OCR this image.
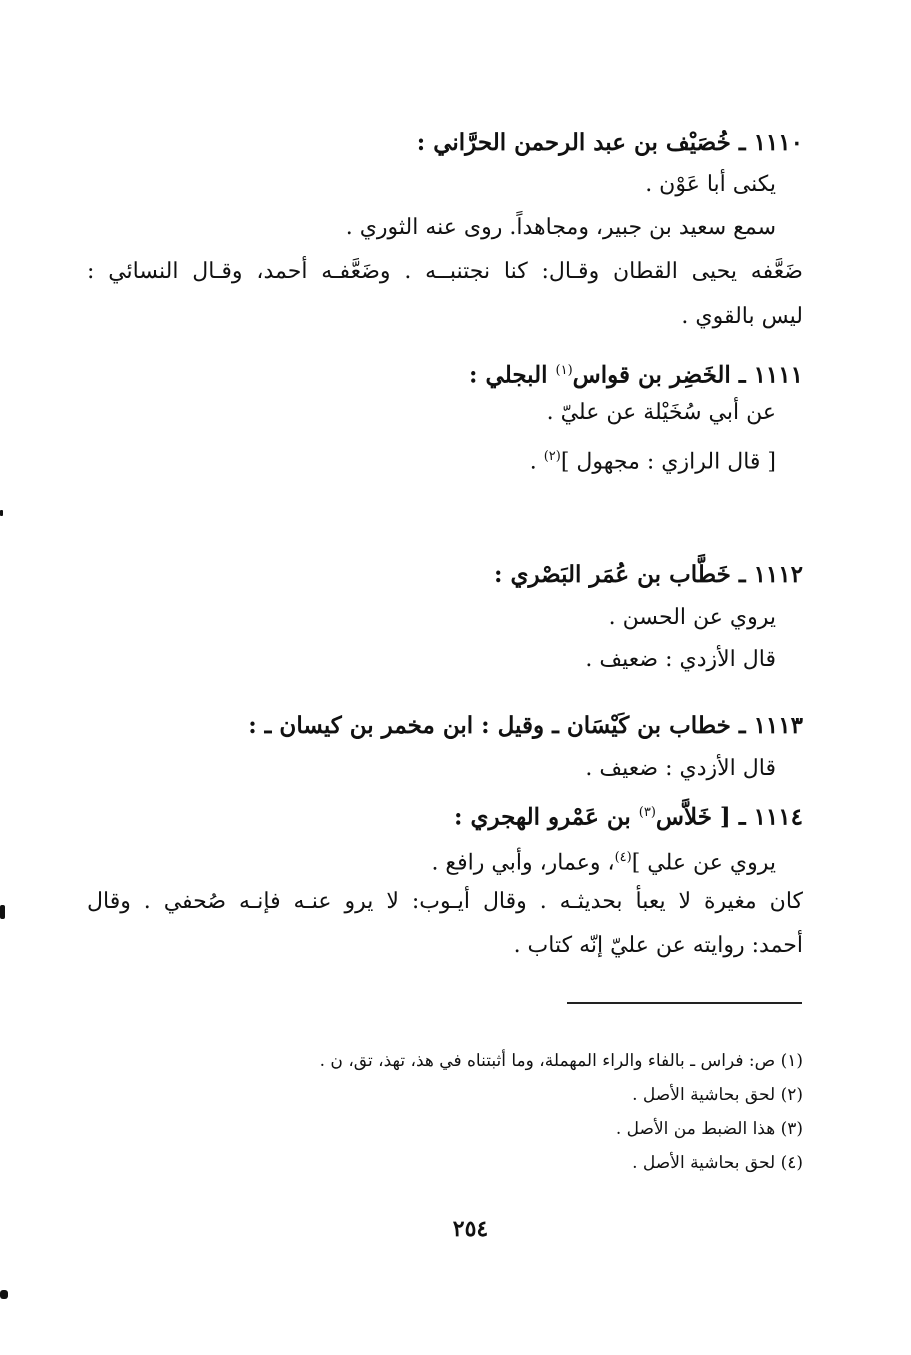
١١١٠ ـ خُصَيْف بن عبد الرحمن الحرَّاني :
يكنى أبا عَوْن .
سمع سعيد بن جبير، ومجاهداً. روى عنه الثوري .
ضَعَّفه يحيى القطان وقـال: كنا نجتنبــه . وضَعَّفـه أحمد، وقـال النسائي :
ليس بالقوي .
١١١١ ـ الخَضِر بن قواس$^{(١)}$ البجلي :
عن أبي سُخَيْلة عن عليّ .
[ قال الرازي : مجهول ]$^{(٢)}$ .
١١١٢ ـ خَطَّاب بن عُمَر البَصْري :
يروي عن الحسن .
قال الأزدي : ضعيف .
١١١٣ ـ خطاب بن كَيْسَان ـ وقيل : ابن مخمر بن كيسان ـ :
قال الأزدي : ضعيف .
١١١٤ ـ [ خَلاَّس$^{(٣)}$ بن عَمْرو الهجري :
يروي عن علي ]$^{(٤)}$، وعمار، وأبي رافع .
كان مغيرة لا يعبأ بحديثـه . وقال أيـوب: لا يرو عنـه فإنـه صُحفي . وقال
أحمد: روايته عن عليّ إنّه كتاب .
(١) ص: فراس ـ بالفاء والراء المهملة، وما أثبتناه في هذ، تهذ، تق، ن .
(٢) لحق بحاشية الأصل .
(٣) هذا الضبط من الأصل .
(٤) لحق بحاشية الأصل .
٢٥٤
